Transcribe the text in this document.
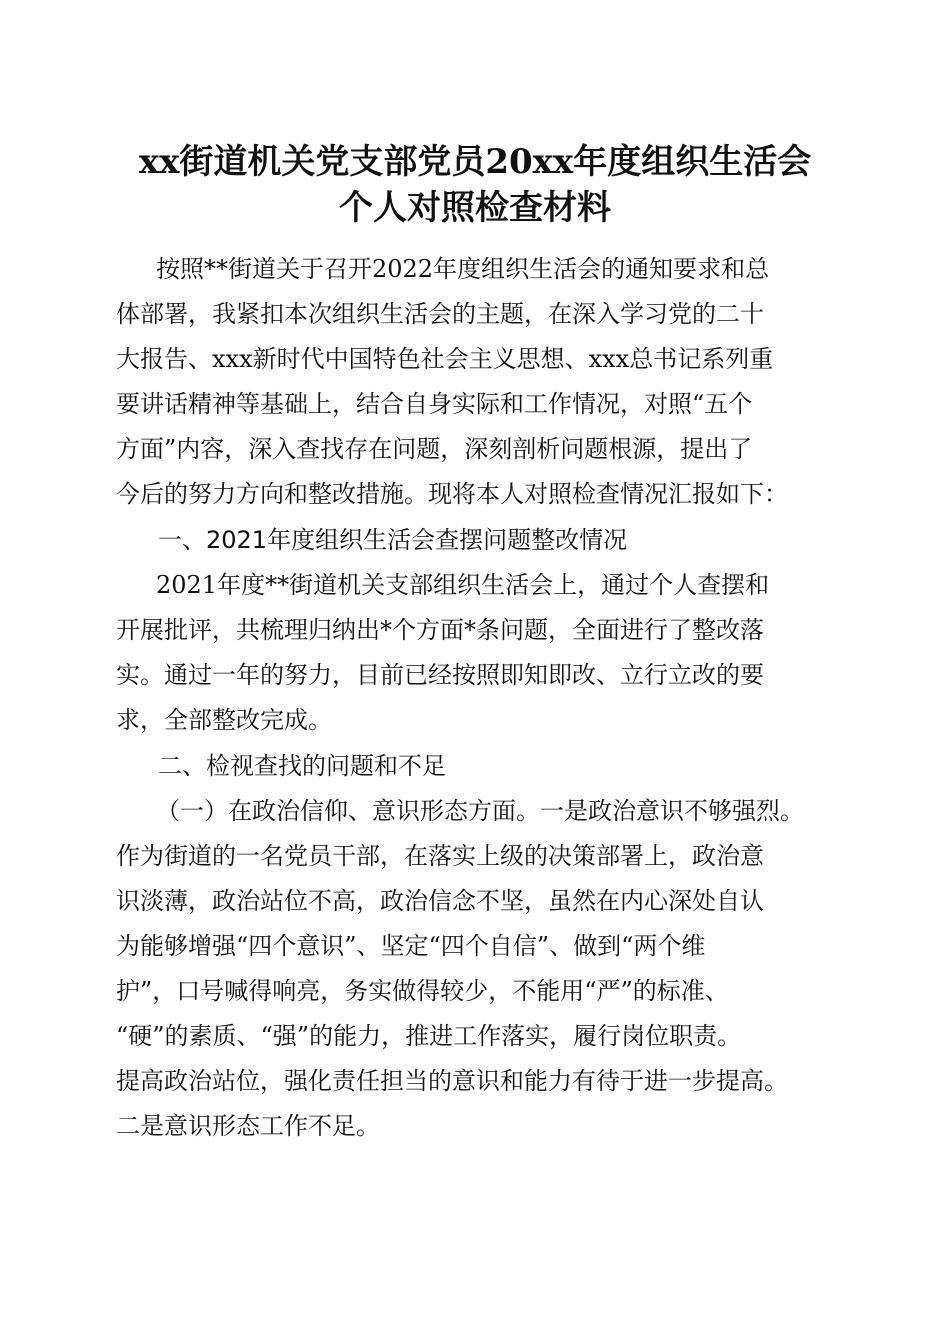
xx街道机关党支部党员20xx年度组织生活会
个人对照检查材料

按照**街道关于召开2022年度组织生活会的通知要求和总

体部署，我紧扣本次组织生活会的主题，在深入学习党的二十

大报告、xxx新时代中国特色社会主义思想、xxx总书记系列重

要讲话精神等基础上，结合自身实际和工作情况，对照“五个

方面”内容，深入查找存在问题，深刻剖析问题根源，提出了

今后的努力方向和整改措施。现将本人对照检查情况汇报如下：

一、2021年度组织生活会查摆问题整改情况

2021年度**街道机关支部组织生活会上，通过个人查摆和

开展批评，共梳理归纳出*个方面*条问题，全面进行了整改落

实。通过一年的努力，目前已经按照即知即改、立行立改的要

求，全部整改完成。

二、检视查找的问题和不足

（一）在政治信仰、意识形态方面。一是政治意识不够强烈。

作为街道的一名党员干部，在落实上级的决策部署上，政治意

识淡薄，政治站位不高，政治信念不坚，虽然在内心深处自认

为能够增强“四个意识”、坚定“四个自信”、做到“两个维

护”，口号喊得响亮，务实做得较少，不能用“严”的标准、

“硬”的素质、“强”的能力，推进工作落实，履行岗位职责。

提高政治站位，强化责任担当的意识和能力有待于进一步提高。

二是意识形态工作不足。
